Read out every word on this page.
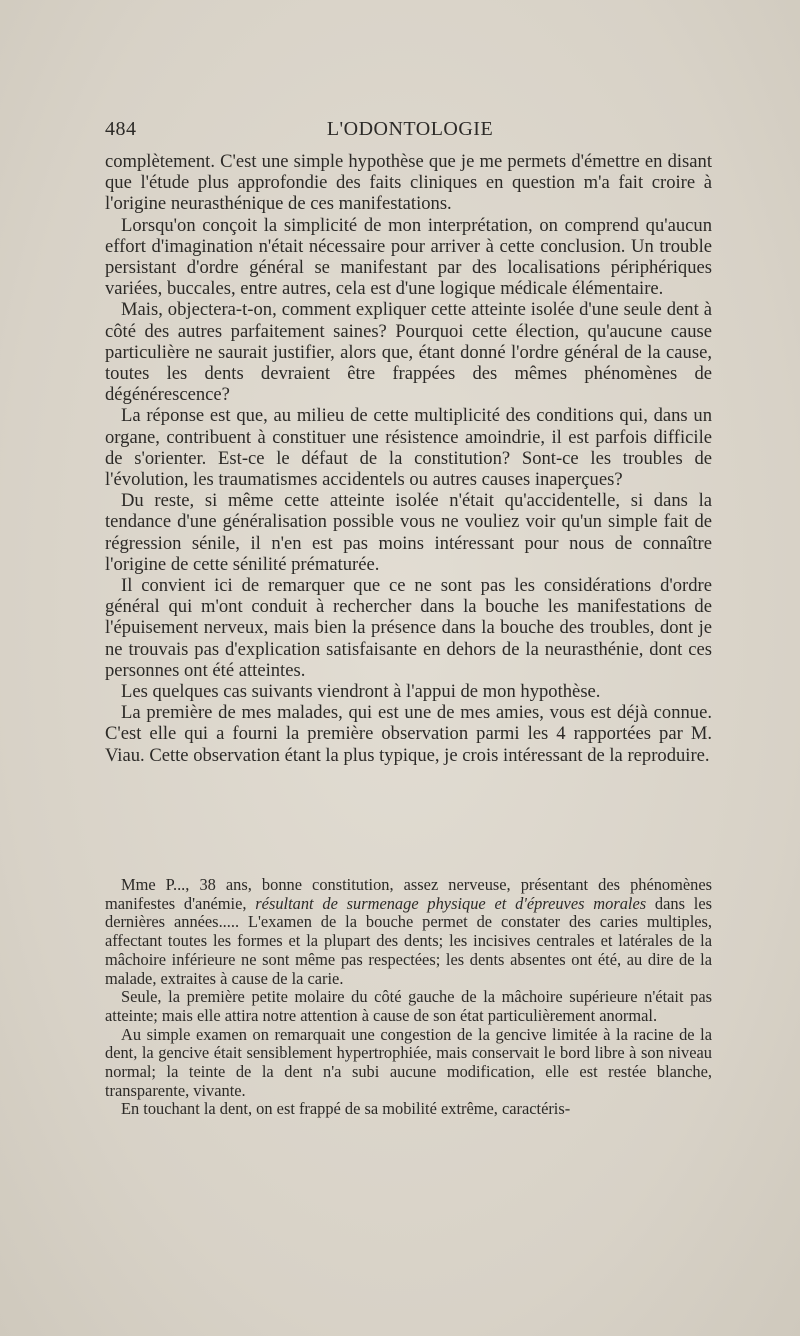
484	L'ODONTOLOGIE

complètement. C'est une simple hypothèse que je me permets d'émettre en disant que l'étude plus approfondie des faits cliniques en question m'a fait croire à l'origine neurasthénique de ces manifestations.

Lorsqu'on conçoit la simplicité de mon interprétation, on comprend qu'aucun effort d'imagination n'était nécessaire pour arriver à cette conclusion. Un trouble persistant d'ordre général se manifestant par des localisations périphériques variées, buccales, entre autres, cela est d'une logique médicale élémentaire.

Mais, objectera-t-on, comment expliquer cette atteinte isolée d'une seule dent à côté des autres parfaitement saines? Pourquoi cette élection, qu'aucune cause particulière ne saurait justifier, alors que, étant donné l'ordre général de la cause, toutes les dents devraient être frappées des mêmes phénomènes de dégénérescence?

La réponse est que, au milieu de cette multiplicité des conditions qui, dans un organe, contribuent à constituer une résistence amoindrie, il est parfois difficile de s'orienter. Est-ce le défaut de la constitution? Sont-ce les troubles de l'évolution, les traumatismes accidentels ou autres causes inaperçues?

Du reste, si même cette atteinte isolée n'était qu'accidentelle, si dans la tendance d'une généralisation possible vous ne vouliez voir qu'un simple fait de régression sénile, il n'en est pas moins intéressant pour nous de connaître l'origine de cette sénilité prématurée.

Il convient ici de remarquer que ce ne sont pas les considérations d'ordre général qui m'ont conduit à rechercher dans la bouche les manifestations de l'épuisement nerveux, mais bien la présence dans la bouche des troubles, dont je ne trouvais pas d'explication satisfaisante en dehors de la neurasthénie, dont ces personnes ont été atteintes.

Les quelques cas suivants viendront à l'appui de mon hypothèse.

La première de mes malades, qui est une de mes amies, vous est déjà connue. C'est elle qui a fourni la première observation parmi les 4 rapportées par M. Viau. Cette observation étant la plus typique, je crois intéressant de la reproduire.

Mme P..., 38 ans, bonne constitution, assez nerveuse, présentant des phénomènes manifestes d'anémie, résultant de surmenage physique et d'épreuves morales dans les dernières années..... L'examen de la bouche permet de constater des caries multiples, affectant toutes les formes et la plupart des dents; les incisives centrales et latérales de la mâchoire inférieure ne sont même pas respectées; les dents absentes ont été, au dire de la malade, extraites à cause de la carie.

Seule, la première petite molaire du côté gauche de la mâchoire supérieure n'était pas atteinte; mais elle attira notre attention à cause de son état particulièrement anormal.

Au simple examen on remarquait une congestion de la gencive limitée à la racine de la dent, la gencive était sensiblement hypertrophiée, mais conservait le bord libre à son niveau normal; la teinte de la dent n'a subi aucune modification, elle est restée blanche, transparente, vivante.

En touchant la dent, on est frappé de sa mobilité extrême, caractéris-
